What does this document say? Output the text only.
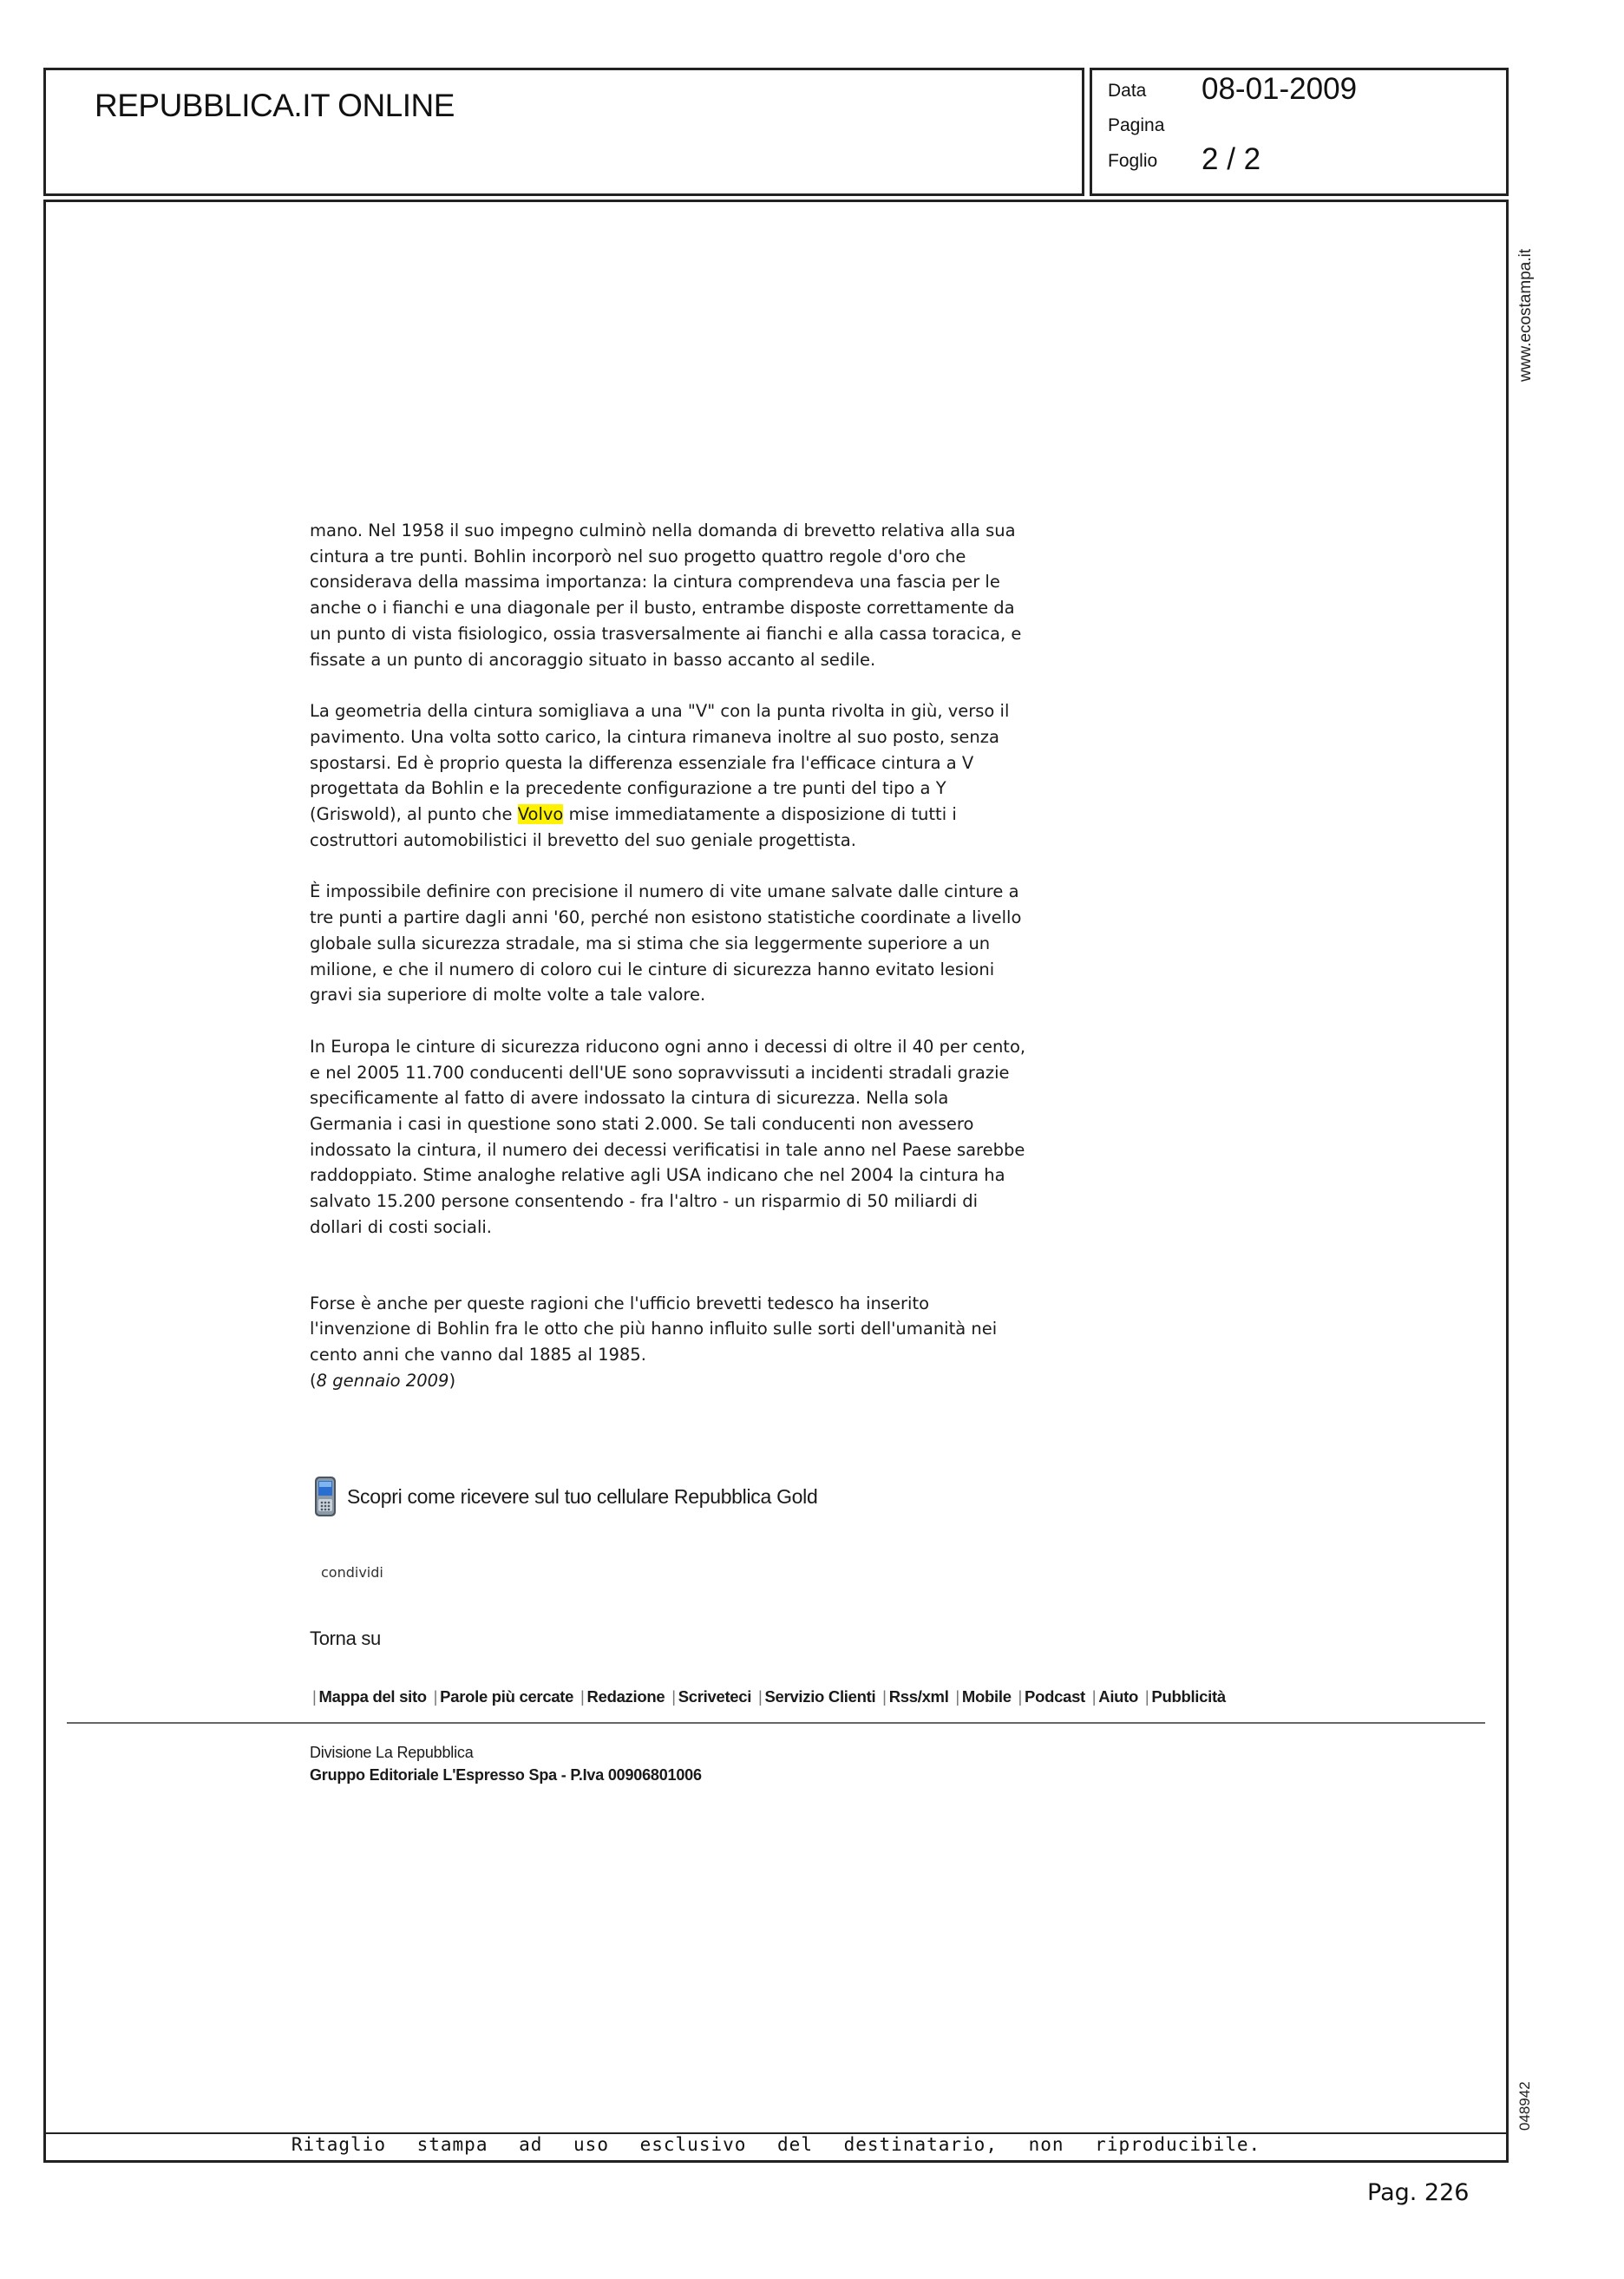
REPUBBLICA.IT ONLINE	Data 08-01-2009
Pagina
Foglio 2 / 2
www.ecostampa.it
048942

mano. Nel 1958 il suo impegno culminò nella domanda di brevetto relativa alla sua cintura a tre punti. Bohlin incorporò nel suo progetto quattro regole d'oro che considerava della massima importanza: la cintura comprendeva una fascia per le anche o i fianchi e una diagonale per il busto, entrambe disposte correttamente da un punto di vista fisiologico, ossia trasversalmente ai fianchi e alla cassa toracica, e fissate a un punto di ancoraggio situato in basso accanto al sedile.

La geometria della cintura somigliava a una "V" con la punta rivolta in giù, verso il pavimento. Una volta sotto carico, la cintura rimaneva inoltre al suo posto, senza spostarsi. Ed è proprio questa la differenza essenziale fra l'efficace cintura a V progettata da Bohlin e la precedente configurazione a tre punti del tipo a Y (Griswold), al punto che Volvo mise immediatamente a disposizione di tutti i costruttori automobilistici il brevetto del suo geniale progettista.

È impossibile definire con precisione il numero di vite umane salvate dalle cinture a tre punti a partire dagli anni '60, perché non esistono statistiche coordinate a livello globale sulla sicurezza stradale, ma si stima che sia leggermente superiore a un milione, e che il numero di coloro cui le cinture di sicurezza hanno evitato lesioni gravi sia superiore di molte volte a tale valore.

In Europa le cinture di sicurezza riducono ogni anno i decessi di oltre il 40 per cento, e nel 2005 11.700 conducenti dell'UE sono sopravvissuti a incidenti stradali grazie specificamente al fatto di avere indossato la cintura di sicurezza. Nella sola Germania i casi in questione sono stati 2.000. Se tali conducenti non avessero indossato la cintura, il numero dei decessi verificatisi in tale anno nel Paese sarebbe raddoppiato. Stime analoghe relative agli USA indicano che nel 2004 la cintura ha salvato 15.200 persone consentendo - fra l'altro - un risparmio di 50 miliardi di dollari di costi sociali.

Forse è anche per queste ragioni che l'ufficio brevetti tedesco ha inserito l'invenzione di Bohlin fra le otto che più hanno influito sulle sorti dell'umanità nei cento anni che vanno dal 1885 al 1985.

(8 gennaio 2009)
Scopri come ricevere sul tuo cellulare Repubblica Gold
condividi
Torna su
| Mappa del sito | Parole più cercate | Redazione | Scriveteci | Servizio Clienti | Rss/xml | Mobile | Podcast | Aiuto | Pubblicità
Divisione La Repubblica
Gruppo Editoriale L'Espresso Spa - P.Iva 00906801006
Ritaglio stampa ad uso esclusivo del destinatario, non riproducibile.
Pag. 226
